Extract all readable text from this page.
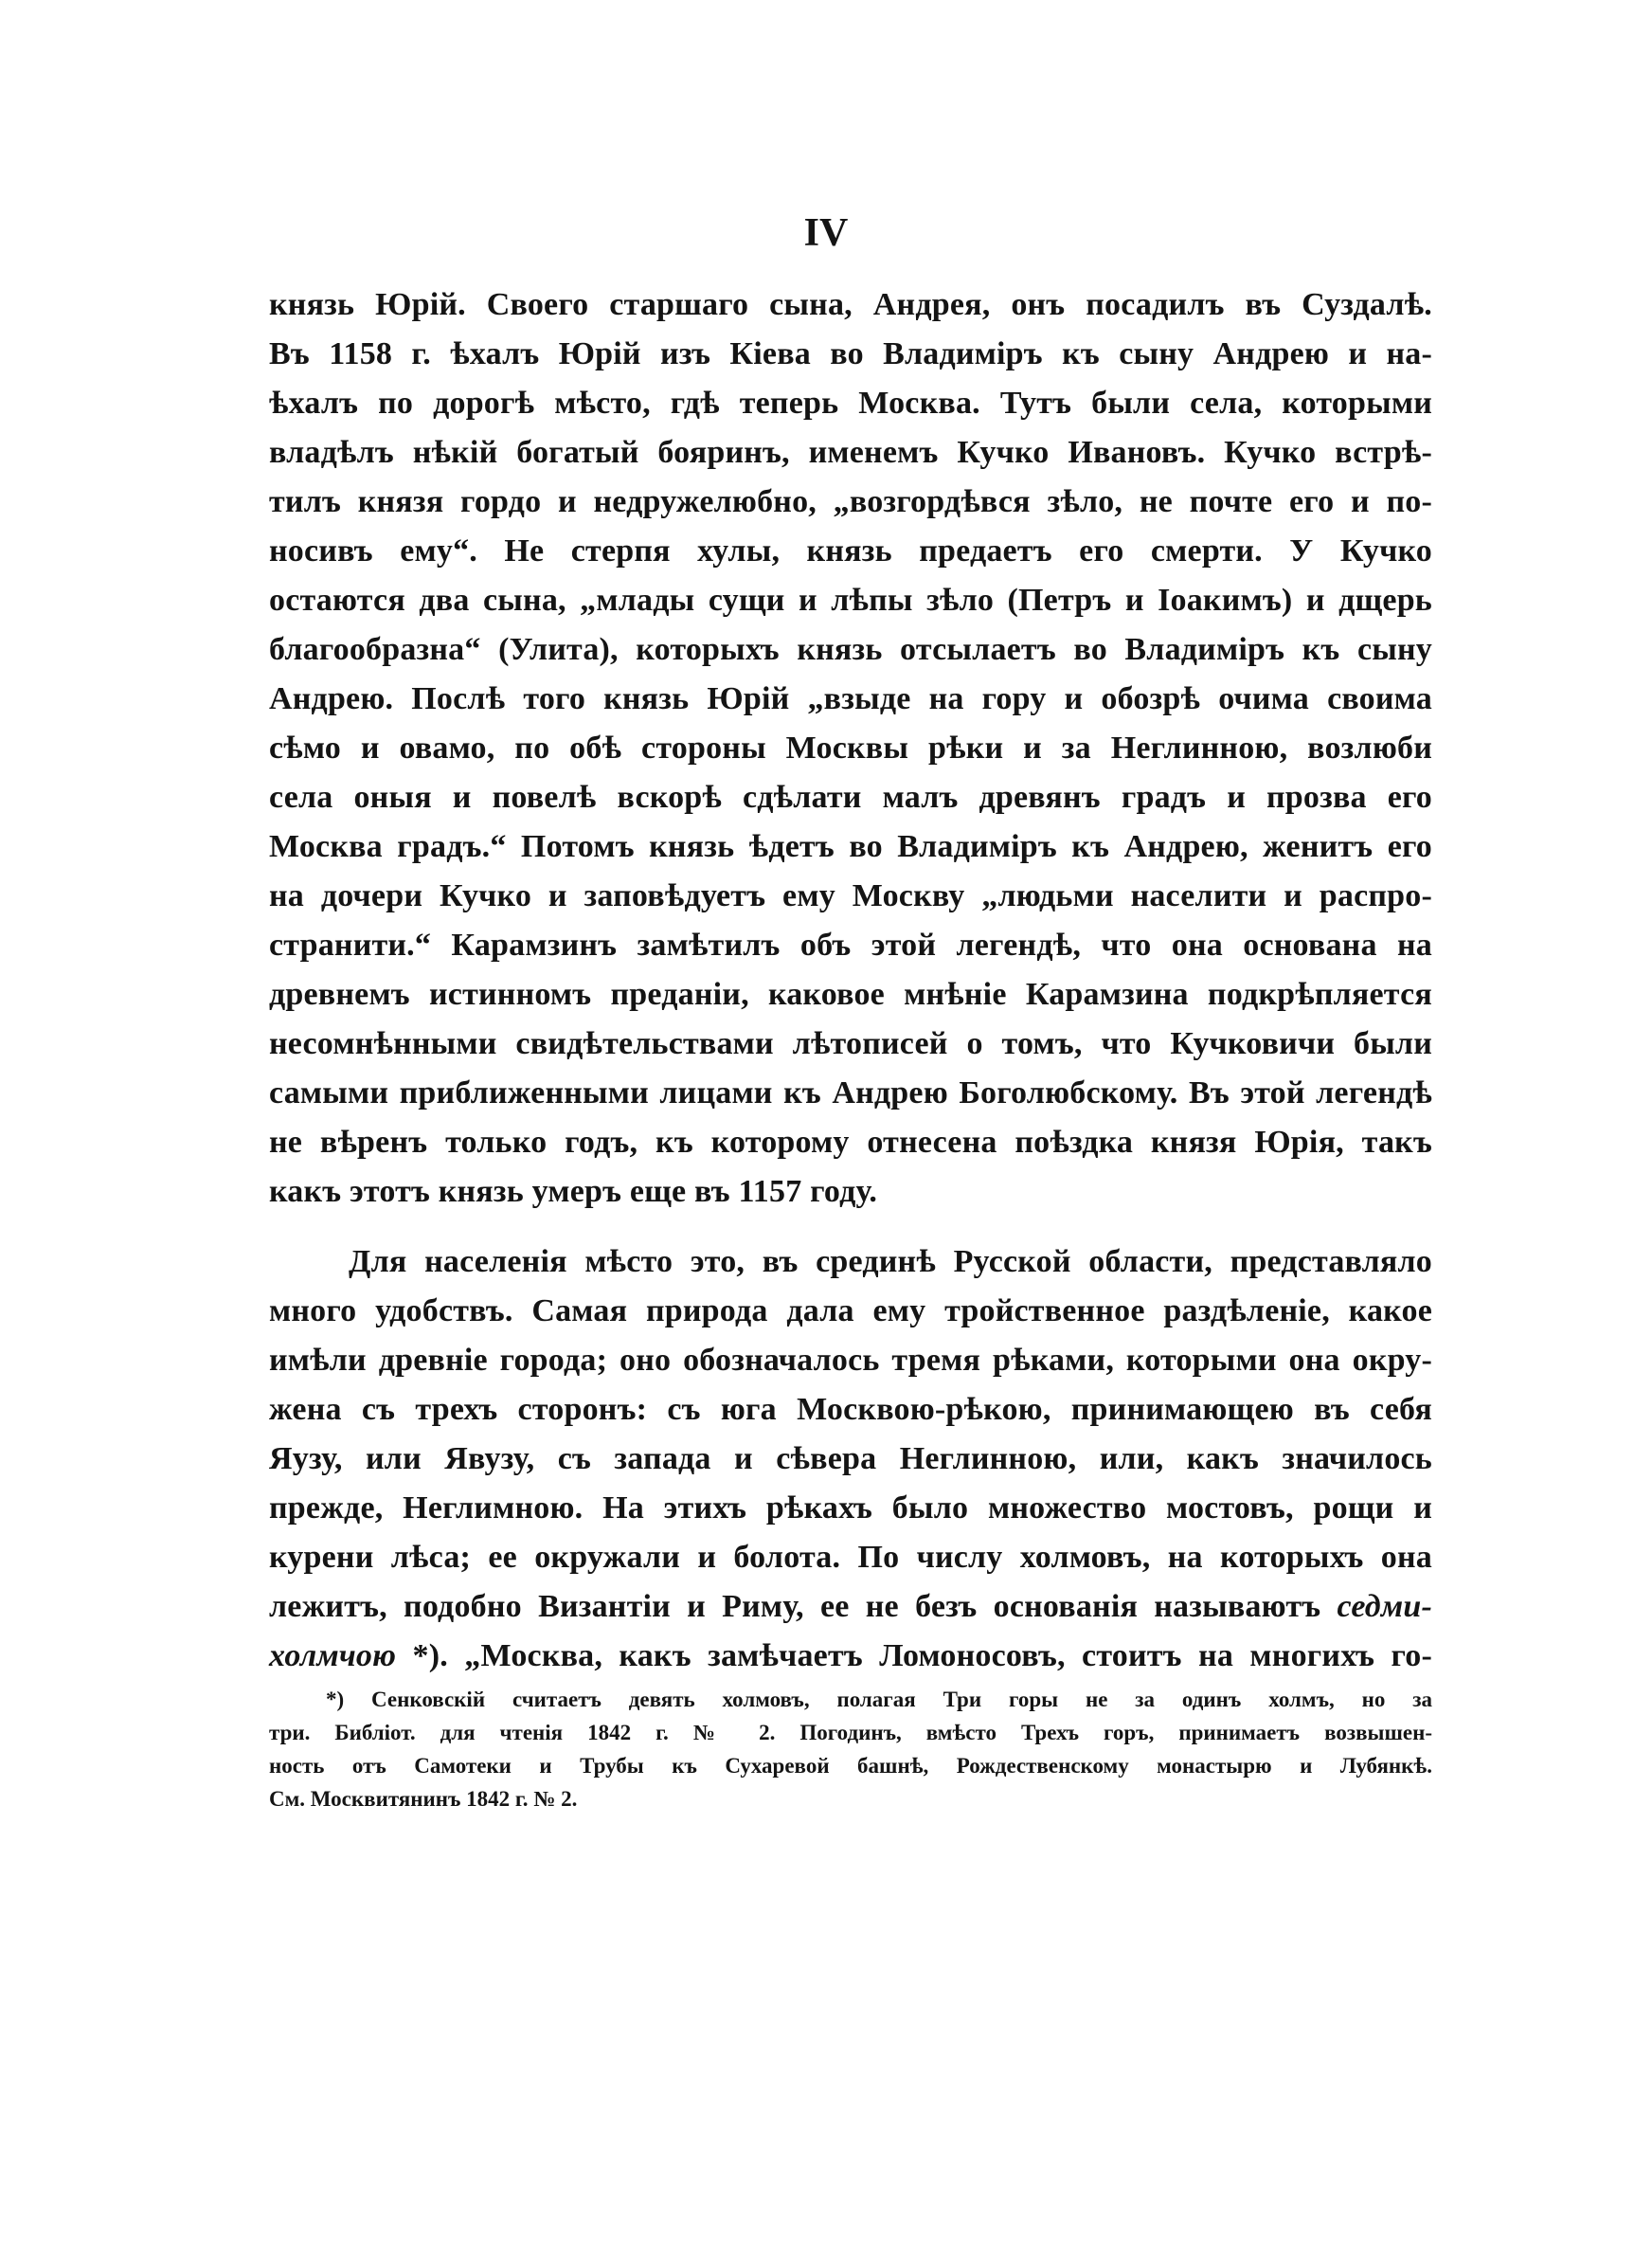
IV
князь Юрій. Своего старшаго сына, Андрея, онъ посадилъ въ Суздалѣ.
Въ 1158 г. ѣхалъ Юрій изъ Кіева во Владиміръ къ сыну Андрею и на-
ѣхалъ по дорогѣ мѣсто, гдѣ теперь Москва. Тутъ были села, которыми
владѣлъ нѣкій богатый бояринъ, именемъ Кучко Ивановъ. Кучко встрѣ-
тилъ князя гордо и недружелюбно, „возгордѣвся зѣло, не почте его и по-
носивъ ему“. Не стерпя хулы, князь предаетъ его смерти. У Кучко
остаются два сына, „млады сущи и лѣпы зѣло (Петръ и Іоакимъ) и дщерь
благообразна“ (Улита), которыхъ князь отсылаетъ во Владиміръ къ сыну
Андрею. Послѣ того князь Юрій „взыде на гору и обозрѣ очима своима
сѣмо и овамо, по обѣ стороны Москвы рѣки и за Неглинною, возлюби
села оныя и повелѣ вскорѣ сдѣлати малъ древянъ градъ и прозва его
Москва градъ.“ Потомъ князь ѣдетъ во Владиміръ къ Андрею, женитъ его
на дочери Кучко и заповѣдуетъ ему Москву „людьми населити и распро-
странити.“ Карамзинъ замѣтилъ объ этой легендѣ, что она основана на
древнемъ истинномъ преданіи, каковое мнѣніе Карамзина подкрѣпляется
несомнѣнными свидѣтельствами лѣтописей о томъ, что Кучковичи были
самыми приближенными лицами къ Андрею Боголюбскому. Въ этой легендѣ
не вѣренъ только годъ, къ которому отнесена поѣздка князя Юрія, такъ
какъ этотъ князь умеръ еще въ 1157 году.
Для населенія мѣсто это, въ срединѣ Русской области, представляло
много удобствъ. Самая природа дала ему тройственное раздѣленіе, какое
имѣли древніе города; оно обозначалось тремя рѣками, которыми она окру-
жена съ трехъ сторонъ: съ юга Москвою-рѣкою, принимающею въ себя
Яузу, или Явузу, съ запада и сѣвера Неглинною, или, какъ значилось
прежде, Неглимною. На этихъ рѣкахъ было множество мостовъ, рощи и
курени лѣса; ее окружали и болота. По числу холмовъ, на которыхъ она
лежитъ, подобно Византіи и Риму, ее не безъ основанія называютъ седми-
холмчою *). „Москва, какъ замѣчаетъ Ломоносовъ, стоитъ на многихъ го-
*) Сенковскій считаетъ девять холмовъ, полагая Три горы не за одинъ холмъ, но за
три. Библіот. для чтенія 1842 г. № 2. Погодинъ, вмѣсто Трехъ горъ, принимаетъ возвышен-
ность отъ Самотеки и Трубы къ Сухаревой башнѣ, Рождественскому монастырю и Лубянкѣ.
См. Москвитянинъ 1842 г. № 2.
